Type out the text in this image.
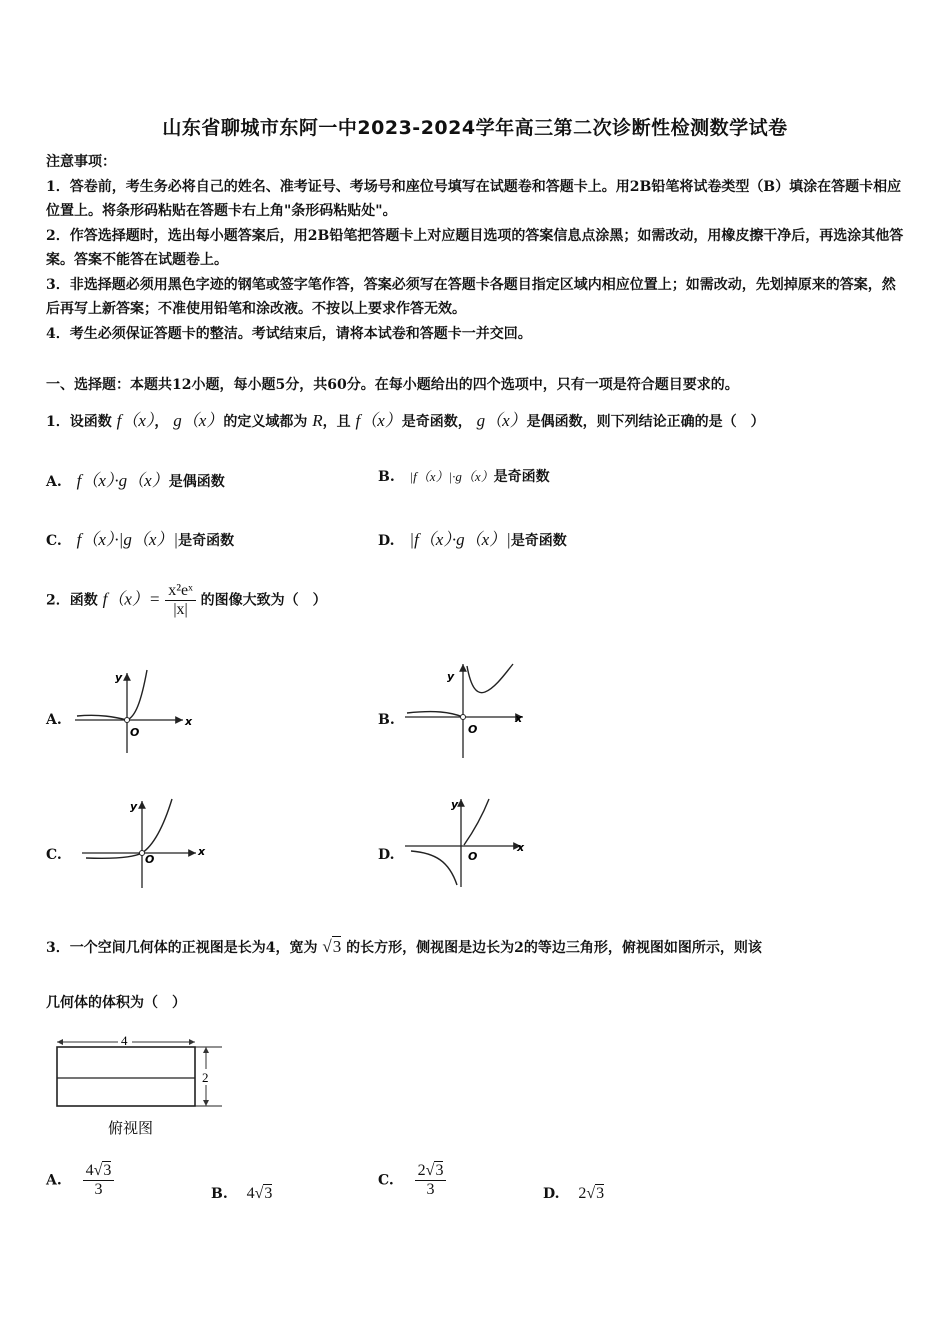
山东省聊城市东阿一中2023-2024学年高三第二次诊断性检测数学试卷
注意事项：
1．答卷前，考生务必将自己的姓名、准考证号、考场号和座位号填写在试题卷和答题卡上。用2B铅笔将试卷类型（B）填涂在答题卡相应位置上。将条形码粘贴在答题卡右上角"条形码粘贴处"。
2．作答选择题时，选出每小题答案后，用2B铅笔把答题卡上对应题目选项的答案信息点涂黑；如需改动，用橡皮擦干净后，再选涂其他答案。答案不能答在试题卷上。
3．非选择题必须用黑色字迹的钢笔或签字笔作答，答案必须写在答题卡各题目指定区域内相应位置上；如需改动，先划掉原来的答案，然后再写上新答案；不准使用铅笔和涂改液。不按以上要求作答无效。
4．考生必须保证答题卡的整洁。考试结束后，请将本试卷和答题卡一并交回。
一、选择题：本题共12小题，每小题5分，共60分。在每小题给出的四个选项中，只有一项是符合题目要求的。
1．设函数 f（x）， g（x）的定义域都为 R，且 f（x）是奇函数， g（x）是偶函数，则下列结论正确的是（　）
A. f（x）·g（x）是偶函数	B. |f（x）|·g（x）是奇函数
C. f（x）·|g（x）|是奇函数	D. |f（x）·g（x）|是奇函数
2．函数 $f(x)= \frac{\text{x²eˣ}}{|x|}$ 的图像大致为（　）
A.	B.
C.	D.
y
x
O
y
x
O
y
x
O
y
x
O
3．一个空间几何体的正视图是长为4，宽为 √3 的长方形，侧视图是边长为2的等边三角形，俯视图如图所示，则该
几何体的体积为（　）
4
2
俯视图
A. $\frac{4√3}{3}$	B. 4√3
C. $\frac{2√3}{3}$	D. 2√3
